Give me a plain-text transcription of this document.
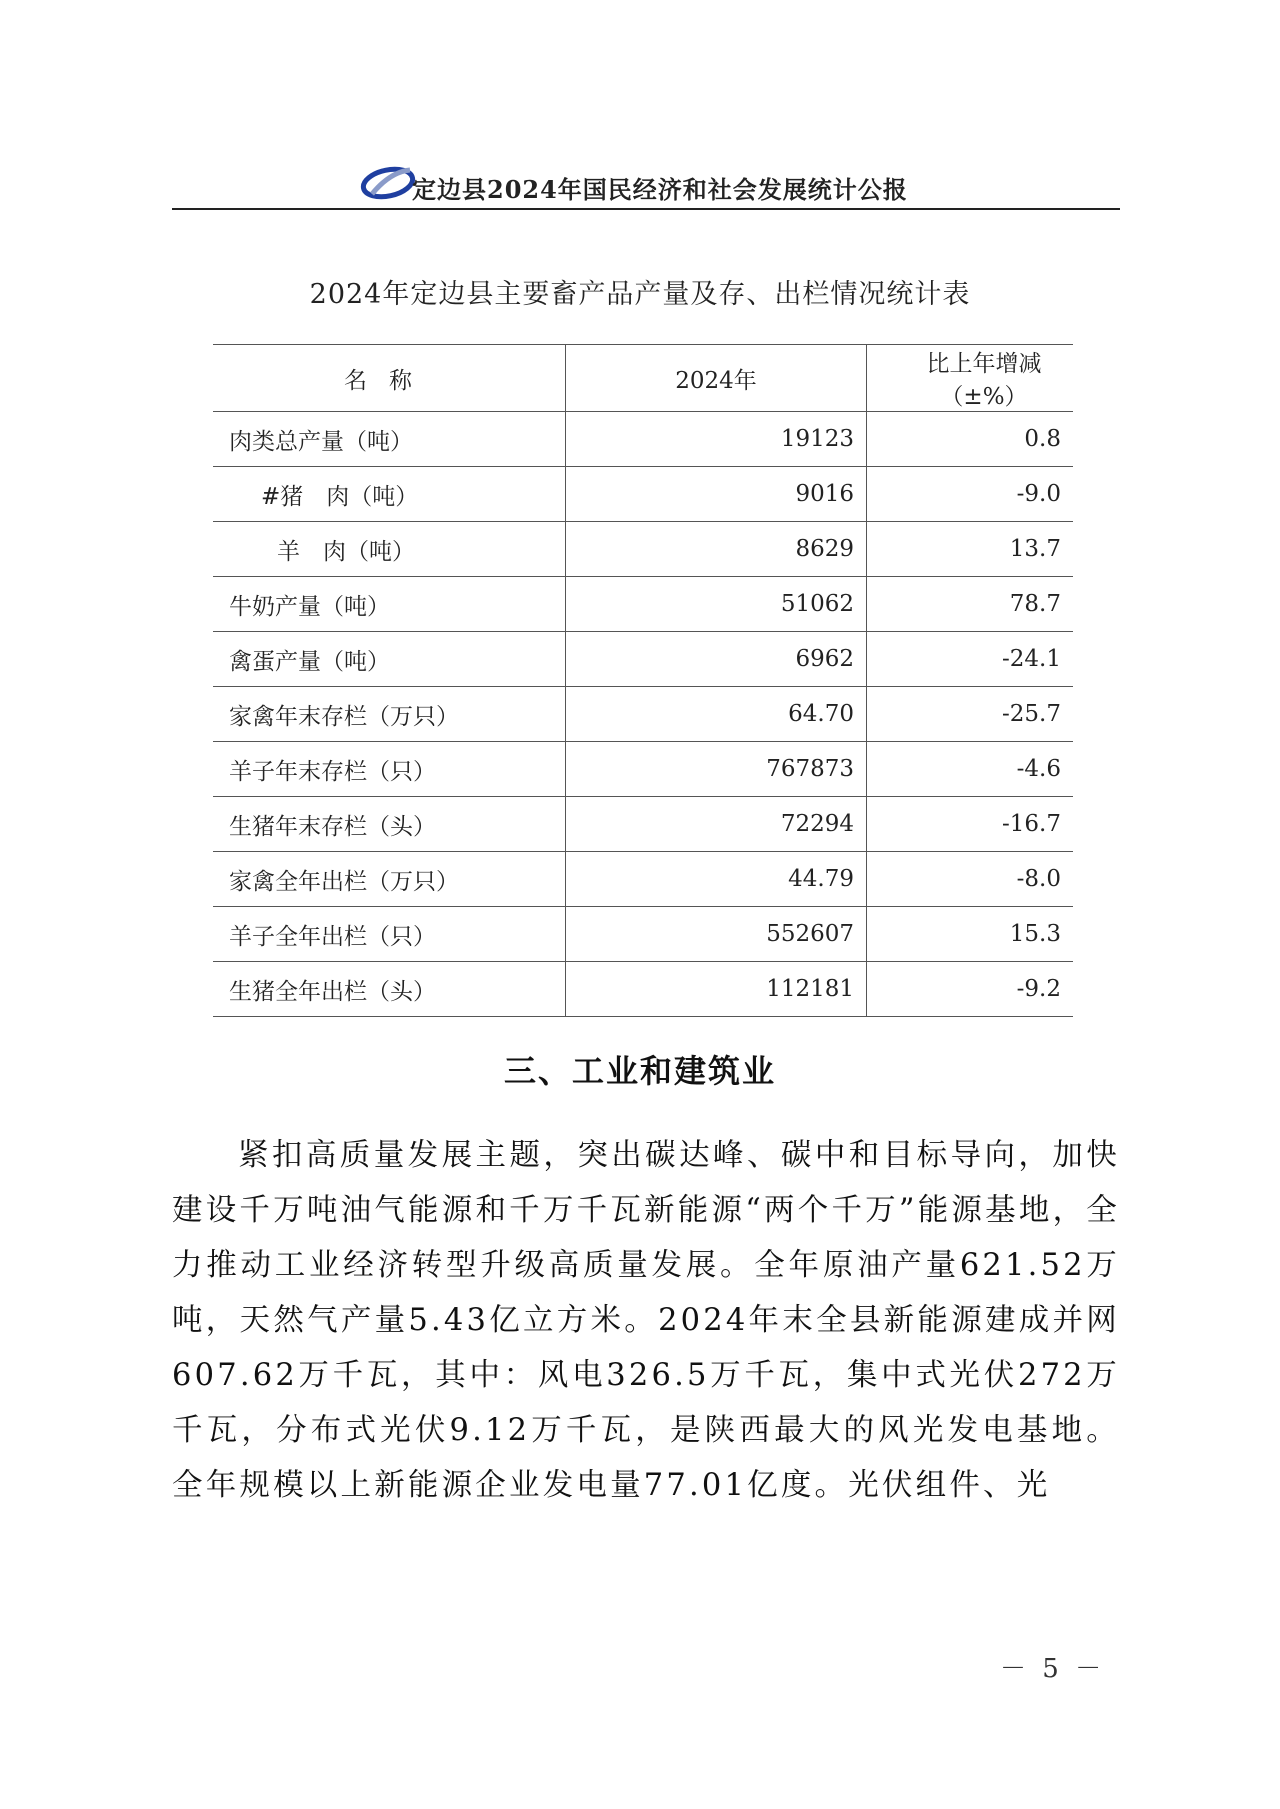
定边县2024年国民经济和社会发展统计公报
2024年定边县主要畜产品产量及存、出栏情况统计表
名称	2024年	比上年增减（±%）
肉类总产量（吨）	19123	0.8
#猪　肉（吨）	9016	-9.0
羊　肉（吨）	8629	13.7
牛奶产量（吨）	51062	78.7
禽蛋产量（吨）	6962	-24.1
家禽年末存栏（万只）	64.70	-25.7
羊子年末存栏（只）	767873	-4.6
生猪年末存栏（头）	72294	-16.7
家禽全年出栏（万只）	44.79	-8.0
羊子全年出栏（只）	552607	15.3
生猪全年出栏（头）	112181	-9.2
三、工业和建筑业

紧扣高质量发展主题，突出碳达峰、碳中和目标导向，加快建设千万吨油气能源和千万千瓦新能源“两个千万”能源基地，全力推动工业经济转型升级高质量发展。全年原油产量621.52万吨，天然气产量5.43亿立方米。2024年末全县新能源建成并网607.62万千瓦，其中：风电326.5万千瓦，集中式光伏272万千瓦，分布式光伏9.12万千瓦，是陕西最大的风光发电基地。全年规模以上新能源企业发电量77.01亿度。光伏组件、光

－ 5 －
